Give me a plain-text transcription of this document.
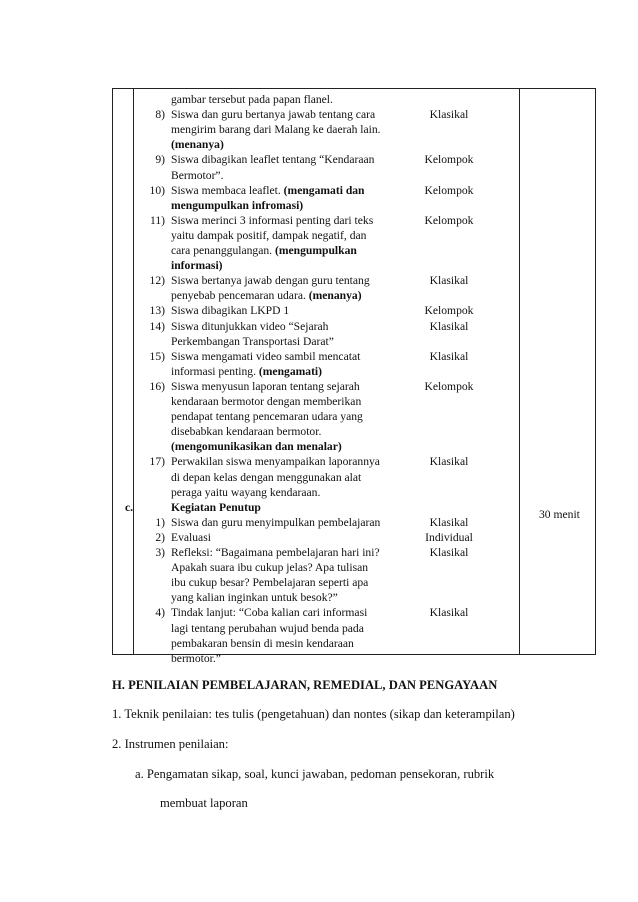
gambar tersebut pada papan flanel.
8) Siswa dan guru bertanya jawab tentang cara	Klasikal
mengirim barang dari Malang ke daerah lain.
(menanya)
9) Siswa dibagikan leaflet tentang “Kendaraan	Kelompok
Bermotor”.
10) Siswa membaca leaflet. (mengamati dan	Kelompok
mengumpulkan infromasi)
11) Siswa merinci 3 informasi penting dari teks	Kelompok
yaitu dampak positif, dampak negatif, dan
cara penanggulangan. (mengumpulkan
informasi)
12) Siswa bertanya jawab dengan guru tentang	Klasikal
penyebab pencemaran udara. (menanya)
13) Siswa dibagikan LKPD 1	Kelompok
14) Siswa ditunjukkan video “Sejarah	Klasikal
Perkembangan Transportasi Darat”
15) Siswa mengamati video sambil mencatat	Klasikal
informasi penting. (mengamati)
16) Siswa menyusun laporan tentang sejarah	Kelompok
kendaraan bermotor dengan memberikan
pendapat tentang pencemaran udara yang
disebabkan kendaraan bermotor.
(mengomunikasikan dan menalar)
17) Perwakilan siswa menyampaikan laporannya	Klasikal
di depan kelas dengan menggunakan alat
peraga yaitu wayang kendaraan.
c.	Kegiatan Penutup
1) Siswa dan guru menyimpulkan pembelajaran	Klasikal
2) Evaluasi	Individual
3) Refleksi: “Bagaimana pembelajaran hari ini?	Klasikal
Apakah suara ibu cukup jelas? Apa tulisan
ibu cukup besar? Pembelajaran seperti apa
yang kalian inginkan untuk besok?”
4) Tindak lanjut: “Coba kalian cari informasi	Klasikal
lagi tentang perubahan wujud benda pada
pembakaran bensin di mesin kendaraan
bermotor.”
30 menit
H. PENILAIAN PEMBELAJARAN, REMEDIAL, DAN PENGAYAAN
1. Teknik penilaian: tes tulis (pengetahuan) dan nontes (sikap dan keterampilan)
2. Instrumen penilaian:
a. Pengamatan sikap, soal, kunci jawaban, pedoman pensekoran, rubrik
membuat laporan
